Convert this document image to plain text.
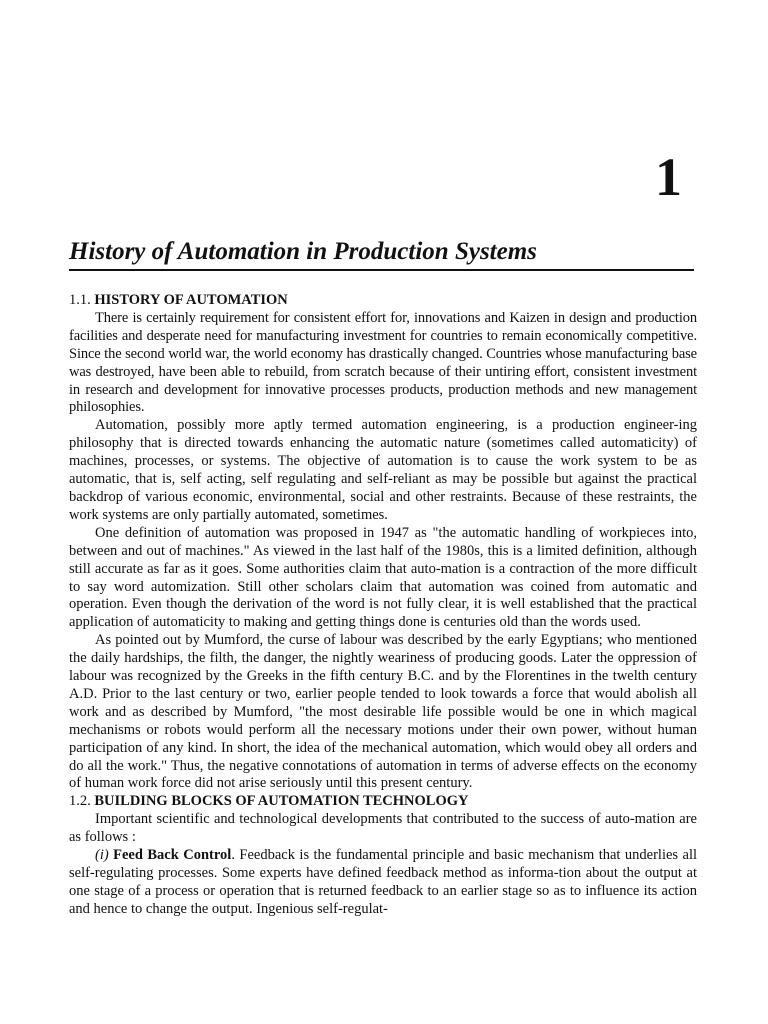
1
History of Automation in Production Systems
1.1. HISTORY OF AUTOMATION

There is certainly requirement for consistent effort for, innovations and Kaizen in design and production facilities and desperate need for manufacturing investment for countries to remain economically competitive. Since the second world war, the world economy has drastically changed. Countries whose manufacturing base was destroyed, have been able to rebuild, from scratch because of their untiring effort, consistent investment in research and development for innovative processes products, production methods and new management philosophies.

Automation, possibly more aptly termed automation engineering, is a production engineer-ing philosophy that is directed towards enhancing the automatic nature (sometimes called automaticity) of machines, processes, or systems. The objective of automation is to cause the work system to be as automatic, that is, self acting, self regulating and self-reliant as may be possible but against the practical backdrop of various economic, environmental, social and other restraints. Because of these restraints, the work systems are only partially automated, sometimes.

One definition of automation was proposed in 1947 as "the automatic handling of workpieces into, between and out of machines." As viewed in the last half of the 1980s, this is a limited definition, although still accurate as far as it goes. Some authorities claim that auto-mation is a contraction of the more difficult to say word automization. Still other scholars claim that automation was coined from automatic and operation. Even though the derivation of the word is not fully clear, it is well established that the practical application of automaticity to making and getting things done is centuries old than the words used.

As pointed out by Mumford, the curse of labour was described by the early Egyptians; who mentioned the daily hardships, the filth, the danger, the nightly weariness of producing goods. Later the oppression of labour was recognized by the Greeks in the fifth century B.C. and by the Florentines in the twelth century A.D. Prior to the last century or two, earlier people tended to look towards a force that would abolish all work and as described by Mumford, "the most desirable life possible would be one in which magical mechanisms or robots would perform all the necessary motions under their own power, without human participation of any kind. In short, the idea of the mechanical automation, which would obey all orders and do all the work." Thus, the negative connotations of automation in terms of adverse effects on the economy of human work force did not arise seriously until this present century.

1.2. BUILDING BLOCKS OF AUTOMATION TECHNOLOGY

Important scientific and technological developments that contributed to the success of auto-mation are as follows :

(i) Feed Back Control. Feedback is the fundamental principle and basic mechanism that underlies all self-regulating processes. Some experts have defined feedback method as informa-tion about the output at one stage of a process or operation that is returned feedback to an earlier stage so as to influence its action and hence to change the output. Ingenious self-regulat-
